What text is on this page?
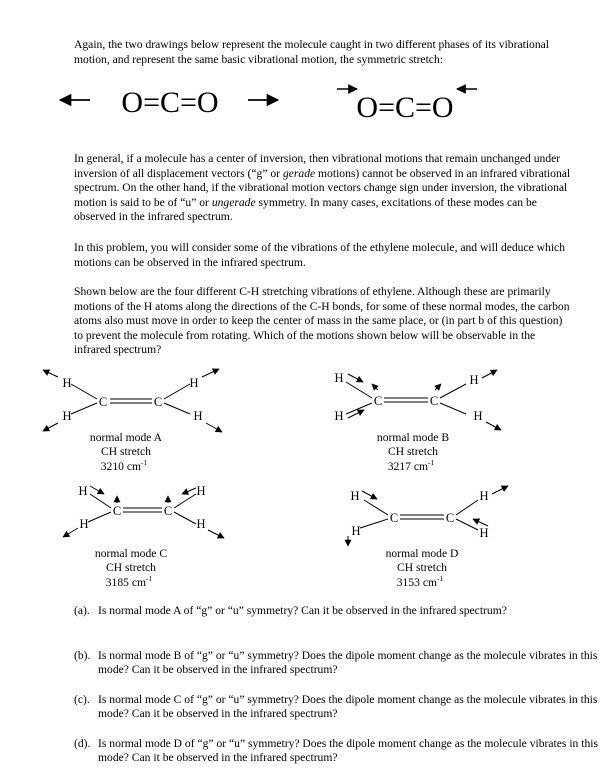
Again, the two drawings below represent the molecule caught in two different phases of its vibrational motion, and represent the same basic vibrational motion, the symmetric stretch:

In general, if a molecule has a center of inversion, then vibrational motions that remain unchanged under inversion of all displacement vectors (“g” or gerade motions) cannot be observed in an infrared vibrational spectrum. On the other hand, if the vibrational motion vectors change sign under inversion, the vibrational motion is said to be of “u” or ungerade symmetry. In many cases, excitations of these modes can be observed in the infrared spectrum.

In this problem, you will consider some of the vibrations of the ethylene molecule, and will deduce which motions can be observed in the infrared spectrum.

Shown below are the four different C-H stretching vibrations of ethylene. Although these are primarily motions of the H atoms along the directions of the C-H bonds, for some of these normal modes, the carbon atoms also must move in order to keep the center of mass in the same place, or (in part b of this question) to prevent the molecule from rotating. Which of the motions shown below will be observable in the infrared spectrum?

O=C=O	O=C=O
H
H
C	C
H
H
normal mode A
CH stretch
3210 $cm^{-1}$
H
H
C	C
H
H
normal mode B
CH stretch
3217 $cm^{-1}$
H
H
C	C
H
H
normal mode C
CH stretch
3185 $cm^{-1}$
H
H
C	C
H
H
normal mode D
CH stretch
3153 $cm^{-1}$

(a). Is normal mode A of “g” or “u” symmetry? Can it be observed in the infrared spectrum?

(b). Is normal mode B of “g” or “u” symmetry? Does the dipole moment change as the molecule vibrates in this mode? Can it be observed in the infrared spectrum?

(c). Is normal mode C of “g” or “u” symmetry? Does the dipole moment change as the molecule vibrates in this mode? Can it be observed in the infrared spectrum?

(d). Is normal mode D of “g” or “u” symmetry? Does the dipole moment change as the molecule vibrates in this mode? Can it be observed in the infrared spectrum?
